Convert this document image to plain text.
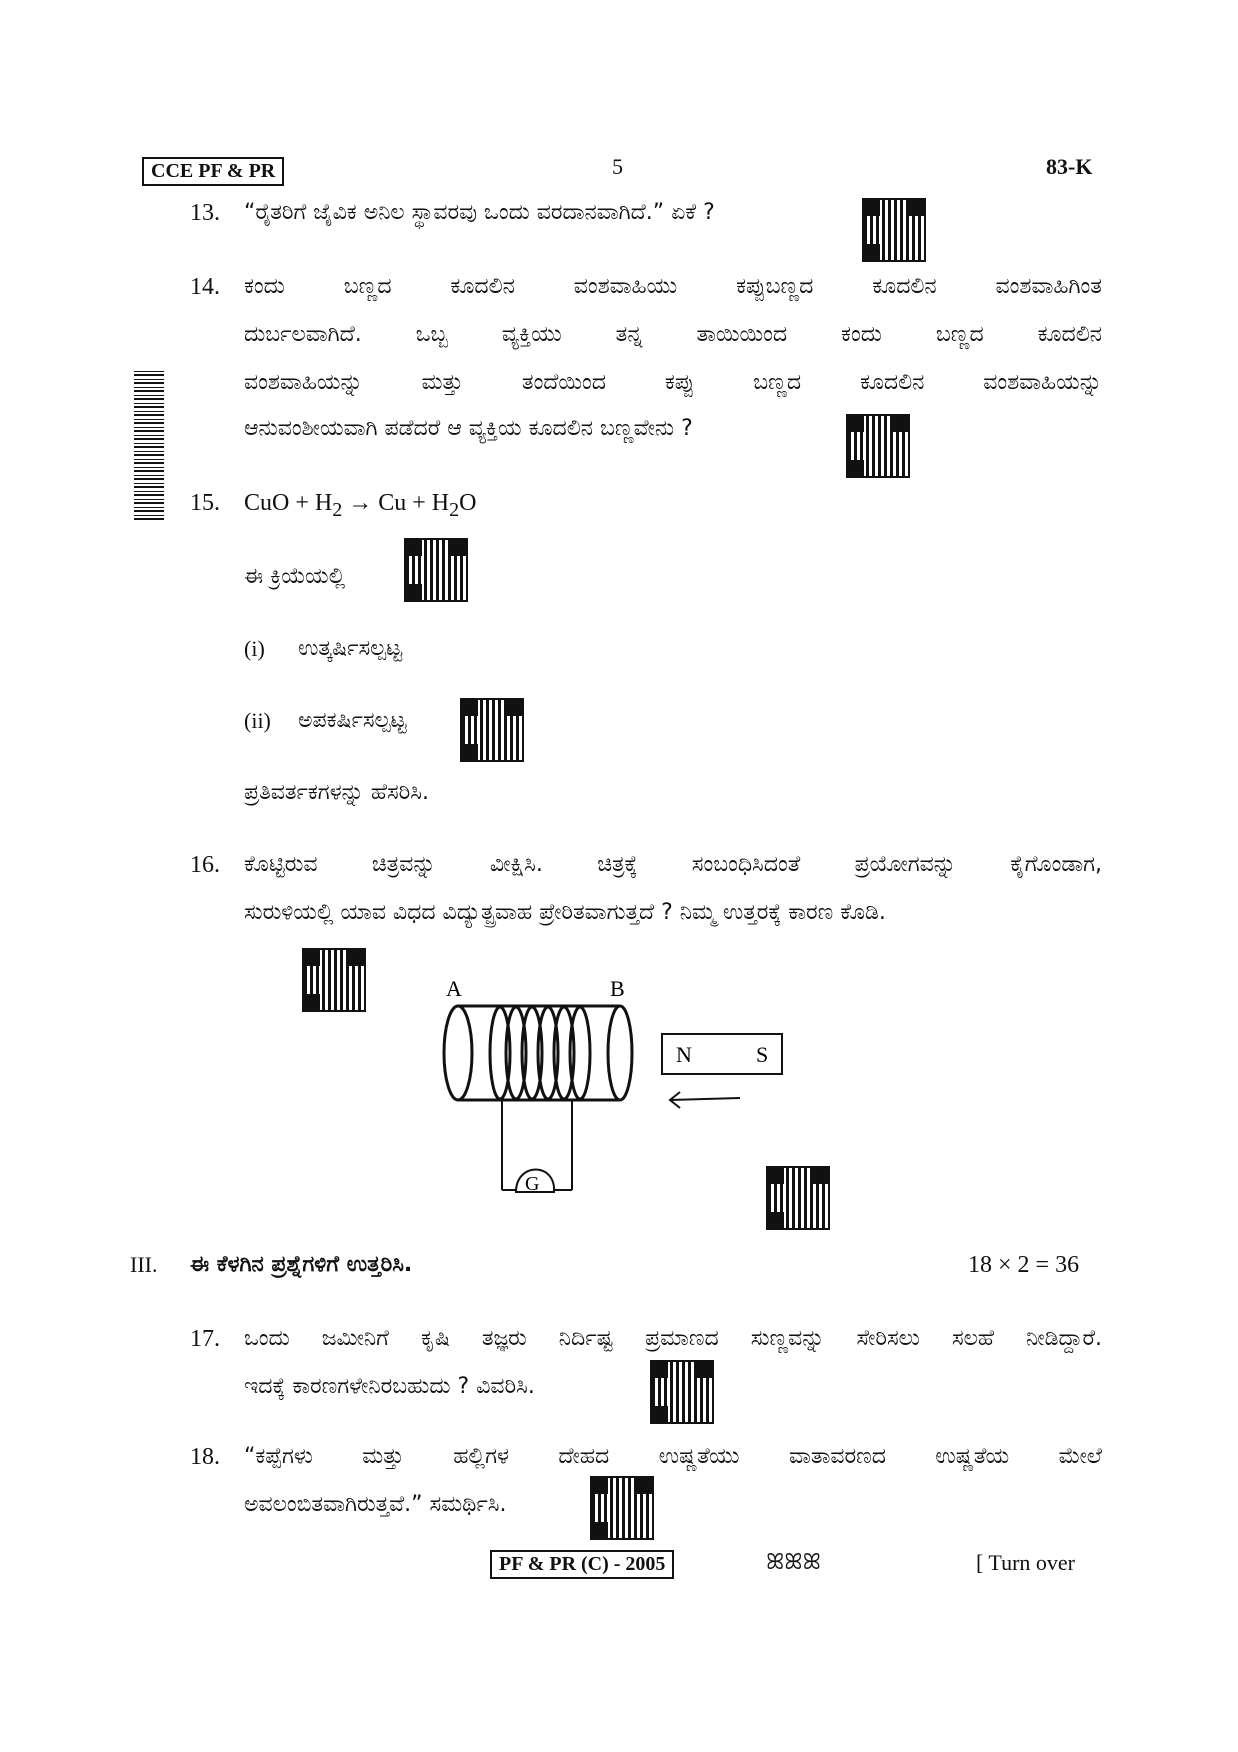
CCE PF & PR	5	83-K
13. “ರೈತರಿಗೆ ಜೈವಿಕ ಅನಿಲ ಸ್ಥಾವರವು ಒಂದು ವರದಾನವಾಗಿದೆ.” ಏಕೆ ?
14. ಕಂದು	ಬಣ್ಣದ	ಕೂದಲಿನ	ವಂಶವಾಹಿಯು	ಕಪ್ಪುಬಣ್ಣದ	ಕೂದಲಿನ	ವಂಶವಾಹಿಗಿಂತ
ದುರ್ಬಲವಾಗಿದೆ. ಒಬ್ಬ ವ್ಯಕ್ತಿಯು ತನ್ನ ತಾಯಿಯಿಂದ ಕಂದು ಬಣ್ಣದ ಕೂದಲಿನ
ವಂಶವಾಹಿಯನ್ನು	ಮತ್ತು	ತಂದೆಯಿಂದ	ಕಪ್ಪು	ಬಣ್ಣದ	ಕೂದಲಿನ	ವಂಶವಾಹಿಯನ್ನು
ಆನುವಂಶೀಯವಾಗಿ ಪಡೆದರೆ ಆ ವ್ಯಕ್ತಿಯ ಕೂದಲಿನ ಬಣ್ಣವೇನು ?
15. CuO + $H_2 \to Cu + H_2O$
ಈ ಕ್ರಿಯೆಯಲ್ಲಿ
(i) ಉತ್ಕರ್ಷಿಸಲ್ಪಟ್ಟ
(ii) ಅಪಕರ್ಷಿಸಲ್ಪಟ್ಟ
ಪ್ರತಿವರ್ತಕಗಳನ್ನು ಹೆಸರಿಸಿ.
16. ಕೊಟ್ಟಿರುವ ಚಿತ್ರವನ್ನು ವೀಕ್ಷಿಸಿ. ಚಿತ್ರಕ್ಕೆ ಸಂಬಂಧಿಸಿದಂತೆ ಪ್ರಯೋಗವನ್ನು ಕೈಗೊಂಡಾಗ,
ಸುರುಳಿಯಲ್ಲಿ ಯಾವ ವಿಧದ ವಿದ್ಯುತ್ಪ್ರವಾಹ ಪ್ರೇರಿತವಾಗುತ್ತದೆ ? ನಿಮ್ಮ ಉತ್ತರಕ್ಕೆ ಕಾರಣ ಕೊಡಿ.
A	B
G
N	S
III. ಈ ಕೆಳಗಿನ ಪ್ರಶ್ನೆಗಳಿಗೆ ಉತ್ತರಿಸಿ.	18 × 2 = 36
17. ಒಂದು ಜಮೀನಿಗೆ ಕೃಷಿ ತಜ್ಞರು ನಿರ್ದಿಷ್ಟ ಪ್ರಮಾಣದ ಸುಣ್ಣವನ್ನು ಸೇರಿಸಲು ಸಲಹೆ ನೀಡಿದ್ದಾರೆ.
ಇದಕ್ಕೆ ಕಾರಣಗಳೇನಿರಬಹುದು ? ವಿವರಿಸಿ.
18. “ಕಪ್ಪೆಗಳು ಮತ್ತು ಹಲ್ಲಿಗಳ ದೇಹದ ಉಷ್ಣತೆಯು ವಾತಾವರಣದ ಉಷ್ಣತೆಯ ಮೇಲೆ
ಅವಲಂಬಿತವಾಗಿರುತ್ತವೆ.” ಸಮರ್ಥಿಸಿ.
PF & PR (C) - 2005	ꕤꕤꕤ	[ Turn over
